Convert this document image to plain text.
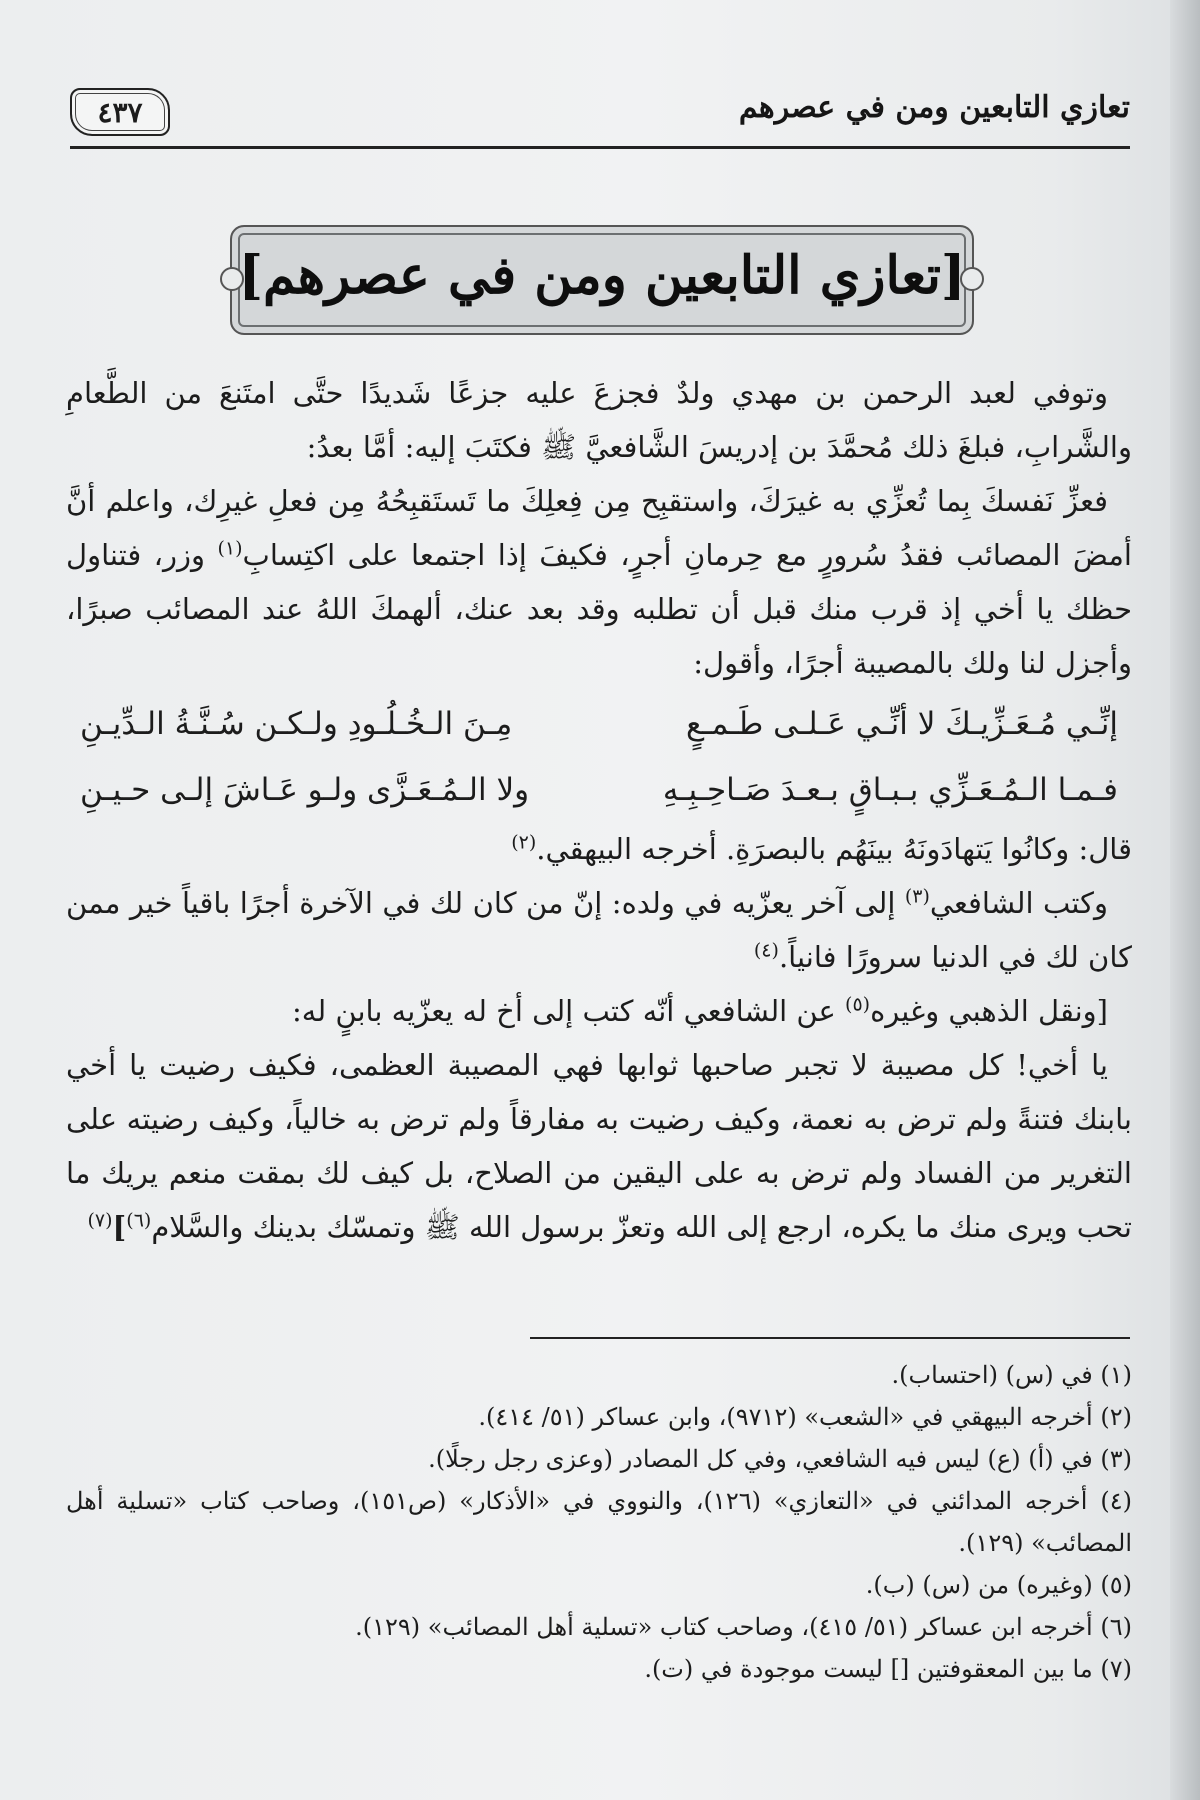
تعازي التابعين ومن في عصرهم
٤٣٧
[تعازي التابعين ومن في عصرهم]

وتوفي لعبد الرحمن بن مهدي ولدٌ فجزعَ عليه جزعًا شَديدًا حتَّى امتَنعَ من الطَّعامِ والشَّرابِ، فبلغَ ذلك مُحمَّدَ بن إدريسَ الشَّافعيَّ ﷺ فكتَبَ إليه: أمَّا بعدُ:

فعزِّ نَفسكَ بِما تُعزِّي به غيرَكَ، واستقبِح مِن فِعلِكَ ما تَستَقبِحُهُ مِن فعلِ غيرِك، واعلم أنَّ أمضَ المصائب فقدُ سُرورٍ مع حِرمانِ أجرٍ، فكيفَ إذا اجتمعا على اكتِسابِ$^{(١)}$ وزر، فتناول حظك يا أخي إذ قرب منك قبل أن تطلبه وقد بعد عنك، ألهمكَ اللهُ عند المصائب صبرًا، وأجزل لنا ولك بالمصيبة أجرًا، وأقول:

إنِّـي مُـعَـزِّيـكَ لا أنِّـي عَـلـى طَـمـعٍ
مِـنَ الـخُـلُـودِ ولـكـن سُـنَّـةُ الـدِّيـنِ
فـمـا الـمُـعَـزِّي بـبـاقٍ بـعـدَ صَـاحِـبِـهِ
ولا الـمُـعَـزَّى ولـو عَـاشَ إلـى حـيـنِ

قال: وكانُوا يَتهادَونَهُ بينَهُم بالبصرَةِ. أخرجه البيهقي.$^{(٢)}$

وكتب الشافعي$^{(٣)}$ إلى آخر يعزّيه في ولده: إنّ من كان لك في الآخرة أجرًا باقياً خير ممن كان لك في الدنيا سرورًا فانياً.$^{(٤)}$

[ونقل الذهبي وغيره$^{(٥)}$ عن الشافعي أنّه كتب إلى أخ له يعزّيه بابنٍ له:

يا أخي! كل مصيبة لا تجبر صاحبها ثوابها فهي المصيبة العظمى، فكيف رضيت يا أخي بابنك فتنةً ولم ترض به نعمة، وكيف رضيت به مفارقاً ولم ترض به خالياً، وكيف رضيته على التغرير من الفساد ولم ترض به على اليقين من الصلاح، بل كيف لك بمقت منعم يريك ما تحب ويرى منك ما يكره، ارجع إلى الله وتعزّ برسول الله ﷺ وتمسّك بدينك والسَّلام$^{(٦)}$]$^{(٧)}$

(١) في (س) (احتساب).

(٢) أخرجه البيهقي في «الشعب» (٩٧١٢)، وابن عساكر (٥١/ ٤١٤).

(٣) في (أ) (ع) ليس فيه الشافعي، وفي كل المصادر (وعزى رجل رجلًا).

(٤) أخرجه المدائني في «التعازي» (١٢٦)، والنووي في «الأذكار» (ص١٥١)، وصاحب كتاب «تسلية أهل المصائب» (١٢٩).

(٥) (وغيره) من (س) (ب).

(٦) أخرجه ابن عساكر (٥١/ ٤١٥)، وصاحب كتاب «تسلية أهل المصائب» (١٢٩).

(٧) ما بين المعقوفتين [] ليست موجودة في (ت).
